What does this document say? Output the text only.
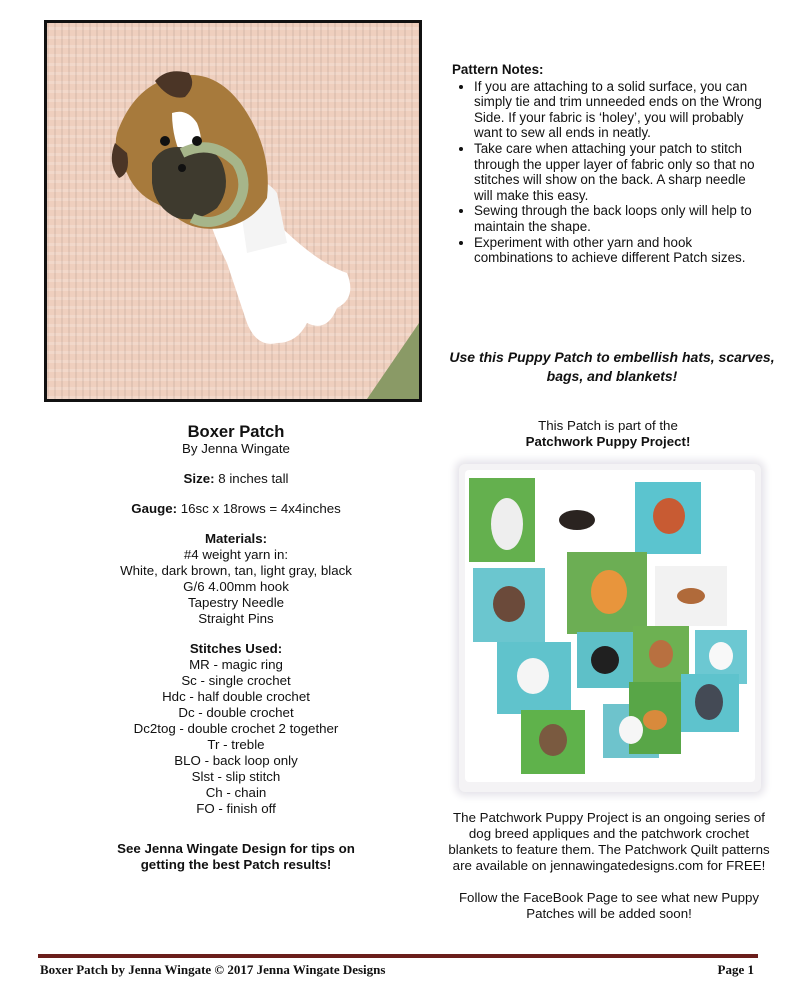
Pattern Notes:
• If you are attaching to a solid surface, you can simply tie and trim unneeded ends on the Wrong Side. If your fabric is ‘holey’, you will probably want to sew all ends in neatly.
• Take care when attaching your patch to stitch through the upper layer of fabric only so that no stitches will show on the back. A sharp needle will make this easy.
• Sewing through the back loops only will help to maintain the shape.
• Experiment with other yarn and hook combinations to achieve different Patch sizes.
Use this Puppy Patch to embellish hats, scarves, bags, and blankets!
Boxer Patch
By Jenna Wingate
Size: 8 inches tall
Gauge: 16sc x 18rows = 4x4inches
Materials:
#4 weight yarn in:
White, dark brown, tan, light gray, black
G/6 4.00mm hook
Tapestry Needle
Straight Pins
Stitches Used:
MR - magic ring
Sc - single crochet
Hdc - half double crochet
Dc - double crochet
Dc2tog - double crochet 2 together
Tr - treble
BLO - back loop only
Slst - slip stitch
Ch - chain
FO - finish off
See Jenna Wingate Design for tips on getting the best Patch results!
This Patch is part of the
Patchwork Puppy Project!
The Patchwork Puppy Project is an ongoing series of dog breed appliques and the patchwork crochet blankets to feature them. The Patchwork Quilt patterns are available on jennawingatedesigns.com for FREE!
Follow the FaceBook Page to see what new Puppy Patches will be added soon!
Boxer Patch by Jenna Wingate © 2017 Jenna Wingate Designs	Page 1
